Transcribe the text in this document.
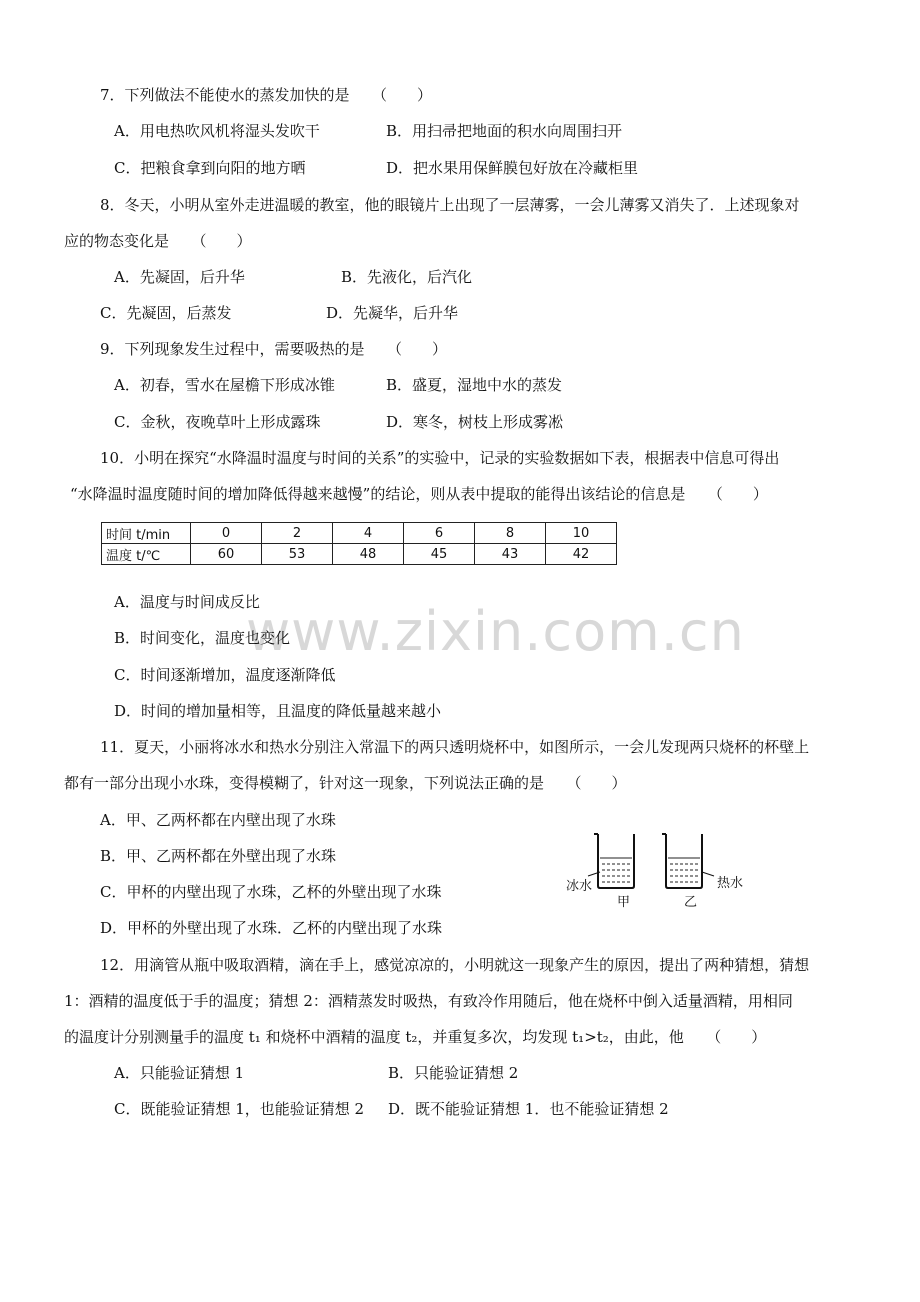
www.zixin.com.cn
7．下列做法不能使水的蒸发加快的是　　（　　）
A．用电热吹风机将湿头发吹干	B．用扫帚把地面的积水向周围扫开
C．把粮食拿到向阳的地方晒	D．把水果用保鲜膜包好放在冷藏柜里
8．冬天，小明从室外走进温暖的教室，他的眼镜片上出现了一层薄雾，一会儿薄雾又消失了．上述现象对
应的物态变化是　　（　　）
A．先凝固，后升华	B．先液化，后汽化
C．先凝固，后蒸发	D．先凝华，后升华
9．下列现象发生过程中，需要吸热的是　　（　　）
A．初春，雪水在屋檐下形成冰锥	B．盛夏，湿地中水的蒸发
C．金秋，夜晚草叶上形成露珠	D．寒冬，树枝上形成雾凇
10．小明在探究“水降温时温度与时间的关系”的实验中，记录的实验数据如下表，根据表中信息可得出
“水降温时温度随时间的增加降低得越来越慢”的结论，则从表中提取的能得出该结论的信息是　　（　　）
时间 t/min	0	2	4	6	8	10
温度 t/℃	60	53	48	45	43	42
A．温度与时间成反比
B．时间变化，温度也变化
C．时间逐渐增加，温度逐渐降低
D．时间的增加量相等，且温度的降低量越来越小
11．夏天，小丽将冰水和热水分别注入常温下的两只透明烧杯中，如图所示，一会儿发现两只烧杯的杯壁上
都有一部分出现小水珠，变得模糊了，针对这一现象，下列说法正确的是　　（　　）
A．甲、乙两杯都在内壁出现了水珠
B．甲、乙两杯都在外壁出现了水珠
C．甲杯的内壁出现了水珠，乙杯的外壁出现了水珠
D．甲杯的外壁出现了水珠．乙杯的内壁出现了水珠
冰水	热水
甲	乙
12．用滴管从瓶中吸取酒精，滴在手上，感觉凉凉的，小明就这一现象产生的原因，提出了两种猜想，猜想
1：酒精的温度低于手的温度；猜想 2：酒精蒸发时吸热，有致冷作用随后，他在烧杯中倒入适量酒精，用相同
的温度计分别测量手的温度 t₁ 和烧杯中酒精的温度 t₂，并重复多次，均发现 t₁>t₂，由此，他　　（　　）
A．只能验证猜想 1	B．只能验证猜想 2
C．既能验证猜想 1，也能验证猜想 2 D．既不能验证猜想 1．也不能验证猜想 2
